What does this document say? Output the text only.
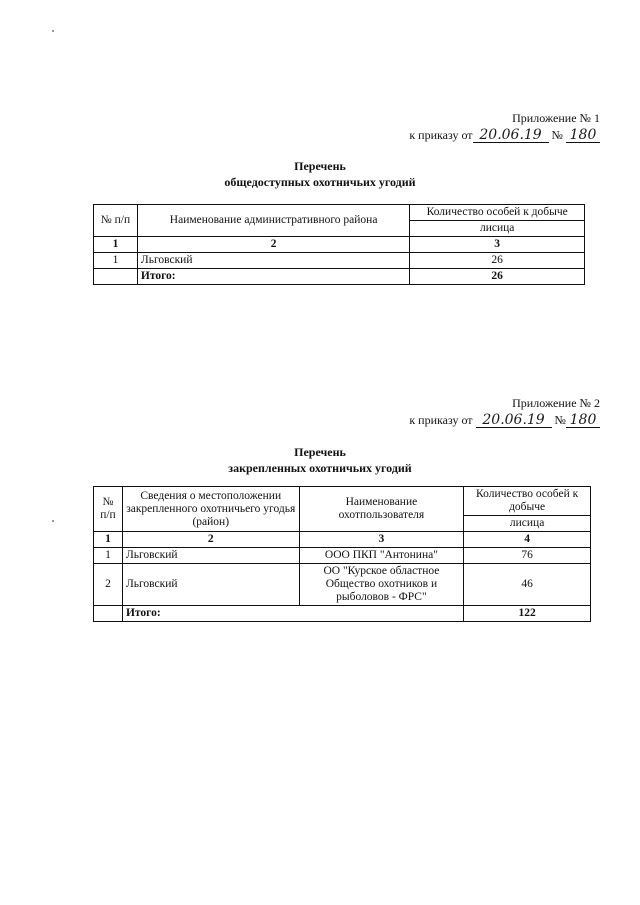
Приложение № 1
к приказу от 20.06.19 № 180
Перечень
общедоступных охотничьих угодий
№ п/п	Наименование административного района	Количество особей к добыче
		лисица
1	2	3
1	Льговский	26
	Итого:	26
Приложение № 2
к приказу от 20.06.19 № 180
Перечень
закрепленных охотничьих угодий
№ п/п	Сведения о местоположении закрепленного охотничьего угодья (район)	Наименование охотпользователя	Количество особей к добыче
			лисица
1	2	3	4
1	Льговский	ООО ПКП "Антонина"	76
2	Льговский	ОО "Курское областное Общество охотников и рыболовов - ФРС"	46
	Итого:		122
